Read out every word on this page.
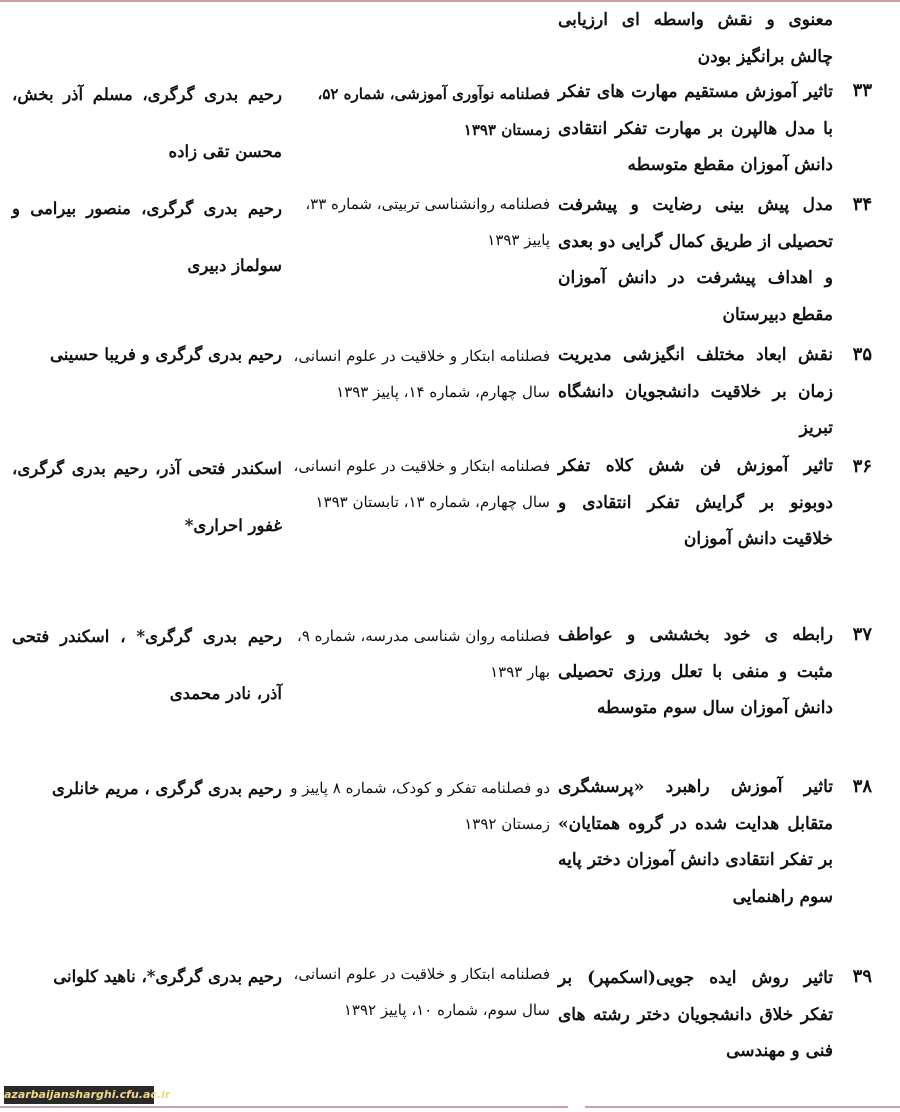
معنوی و نقش واسطه ای ارزیابی چالش برانگیز بودن
۳۳
تاثیر آموزش مستقیم مهارت های تفکر با مدل هالپرن بر مهارت تفکر انتقادی دانش آموزان مقطع متوسطه
فصلنامه نوآوری آموزشی، شماره ۵۲، زمستان ۱۳۹۳
رحیم بدری گرگری، مسلم آذر بخش، محسن تقی زاده
۳۴
مدل پیش بینی رضایت و پیشرفت تحصیلی از طریق کمال گرایی دو بعدی و اهداف پیشرفت در دانش آموزان مقطع دبیرستان
فصلنامه روانشناسی تربیتی، شماره ۳۳، پاییز ۱۳۹۳
رحیم بدری گرگری، منصور بیرامی و سولماز دبیری
۳۵
نقش ابعاد مختلف انگیزشی مدیریت زمان بر خلاقیت دانشجویان دانشگاه تبریز
فصلنامه ابتکار و خلاقیت در علوم انسانی، سال چهارم، شماره ۱۴، پاییز ۱۳۹۳
رحیم بدری گرگری و فریبا حسینی
۳۶
تاثیر آموزش فن شش کلاه تفکر دوبونو بر گرایش تفکر انتقادی و خلاقیت دانش آموزان
فصلنامه ابتکار و خلاقیت در علوم انسانی، سال چهارم، شماره ۱۳، تابستان ۱۳۹۳
اسکندر فتحی آذر، رحیم بدری گرگری، غفور احراری*
۳۷
رابطه ی خود بخششی و عواطف مثبت و منفی با تعلل ورزی تحصیلی دانش آموزان سال سوم متوسطه
فصلنامه روان شناسی مدرسه، شماره ۹، بهار ۱۳۹۳
رحیم بدری گرگری* ، اسکندر فتحی آذر، نادر محمدی
۳۸
تاثیر آموزش راهبرد «پرسشگری متقابل هدایت شده در گروه همتایان» بر تفکر انتقادی دانش آموزان دختر پایه سوم راهنمایی
دو فصلنامه تفکر و کودک، شماره ۸ پاییز و زمستان ۱۳۹۲
رحیم بدری گرگری ، مریم خانلری
۳۹
تاثیر روش ایده جویی(اسکمپر) بر تفکر خلاق دانشجویان دختر رشته های فنی و مهندسی
فصلنامه ابتکار و خلاقیت در علوم انسانی، سال سوم، شماره ۱۰، پاییز ۱۳۹۲
رحیم بدری گرگری*، ناهید کلوانی
azarbaijansharghi.cfu.ac.ir
